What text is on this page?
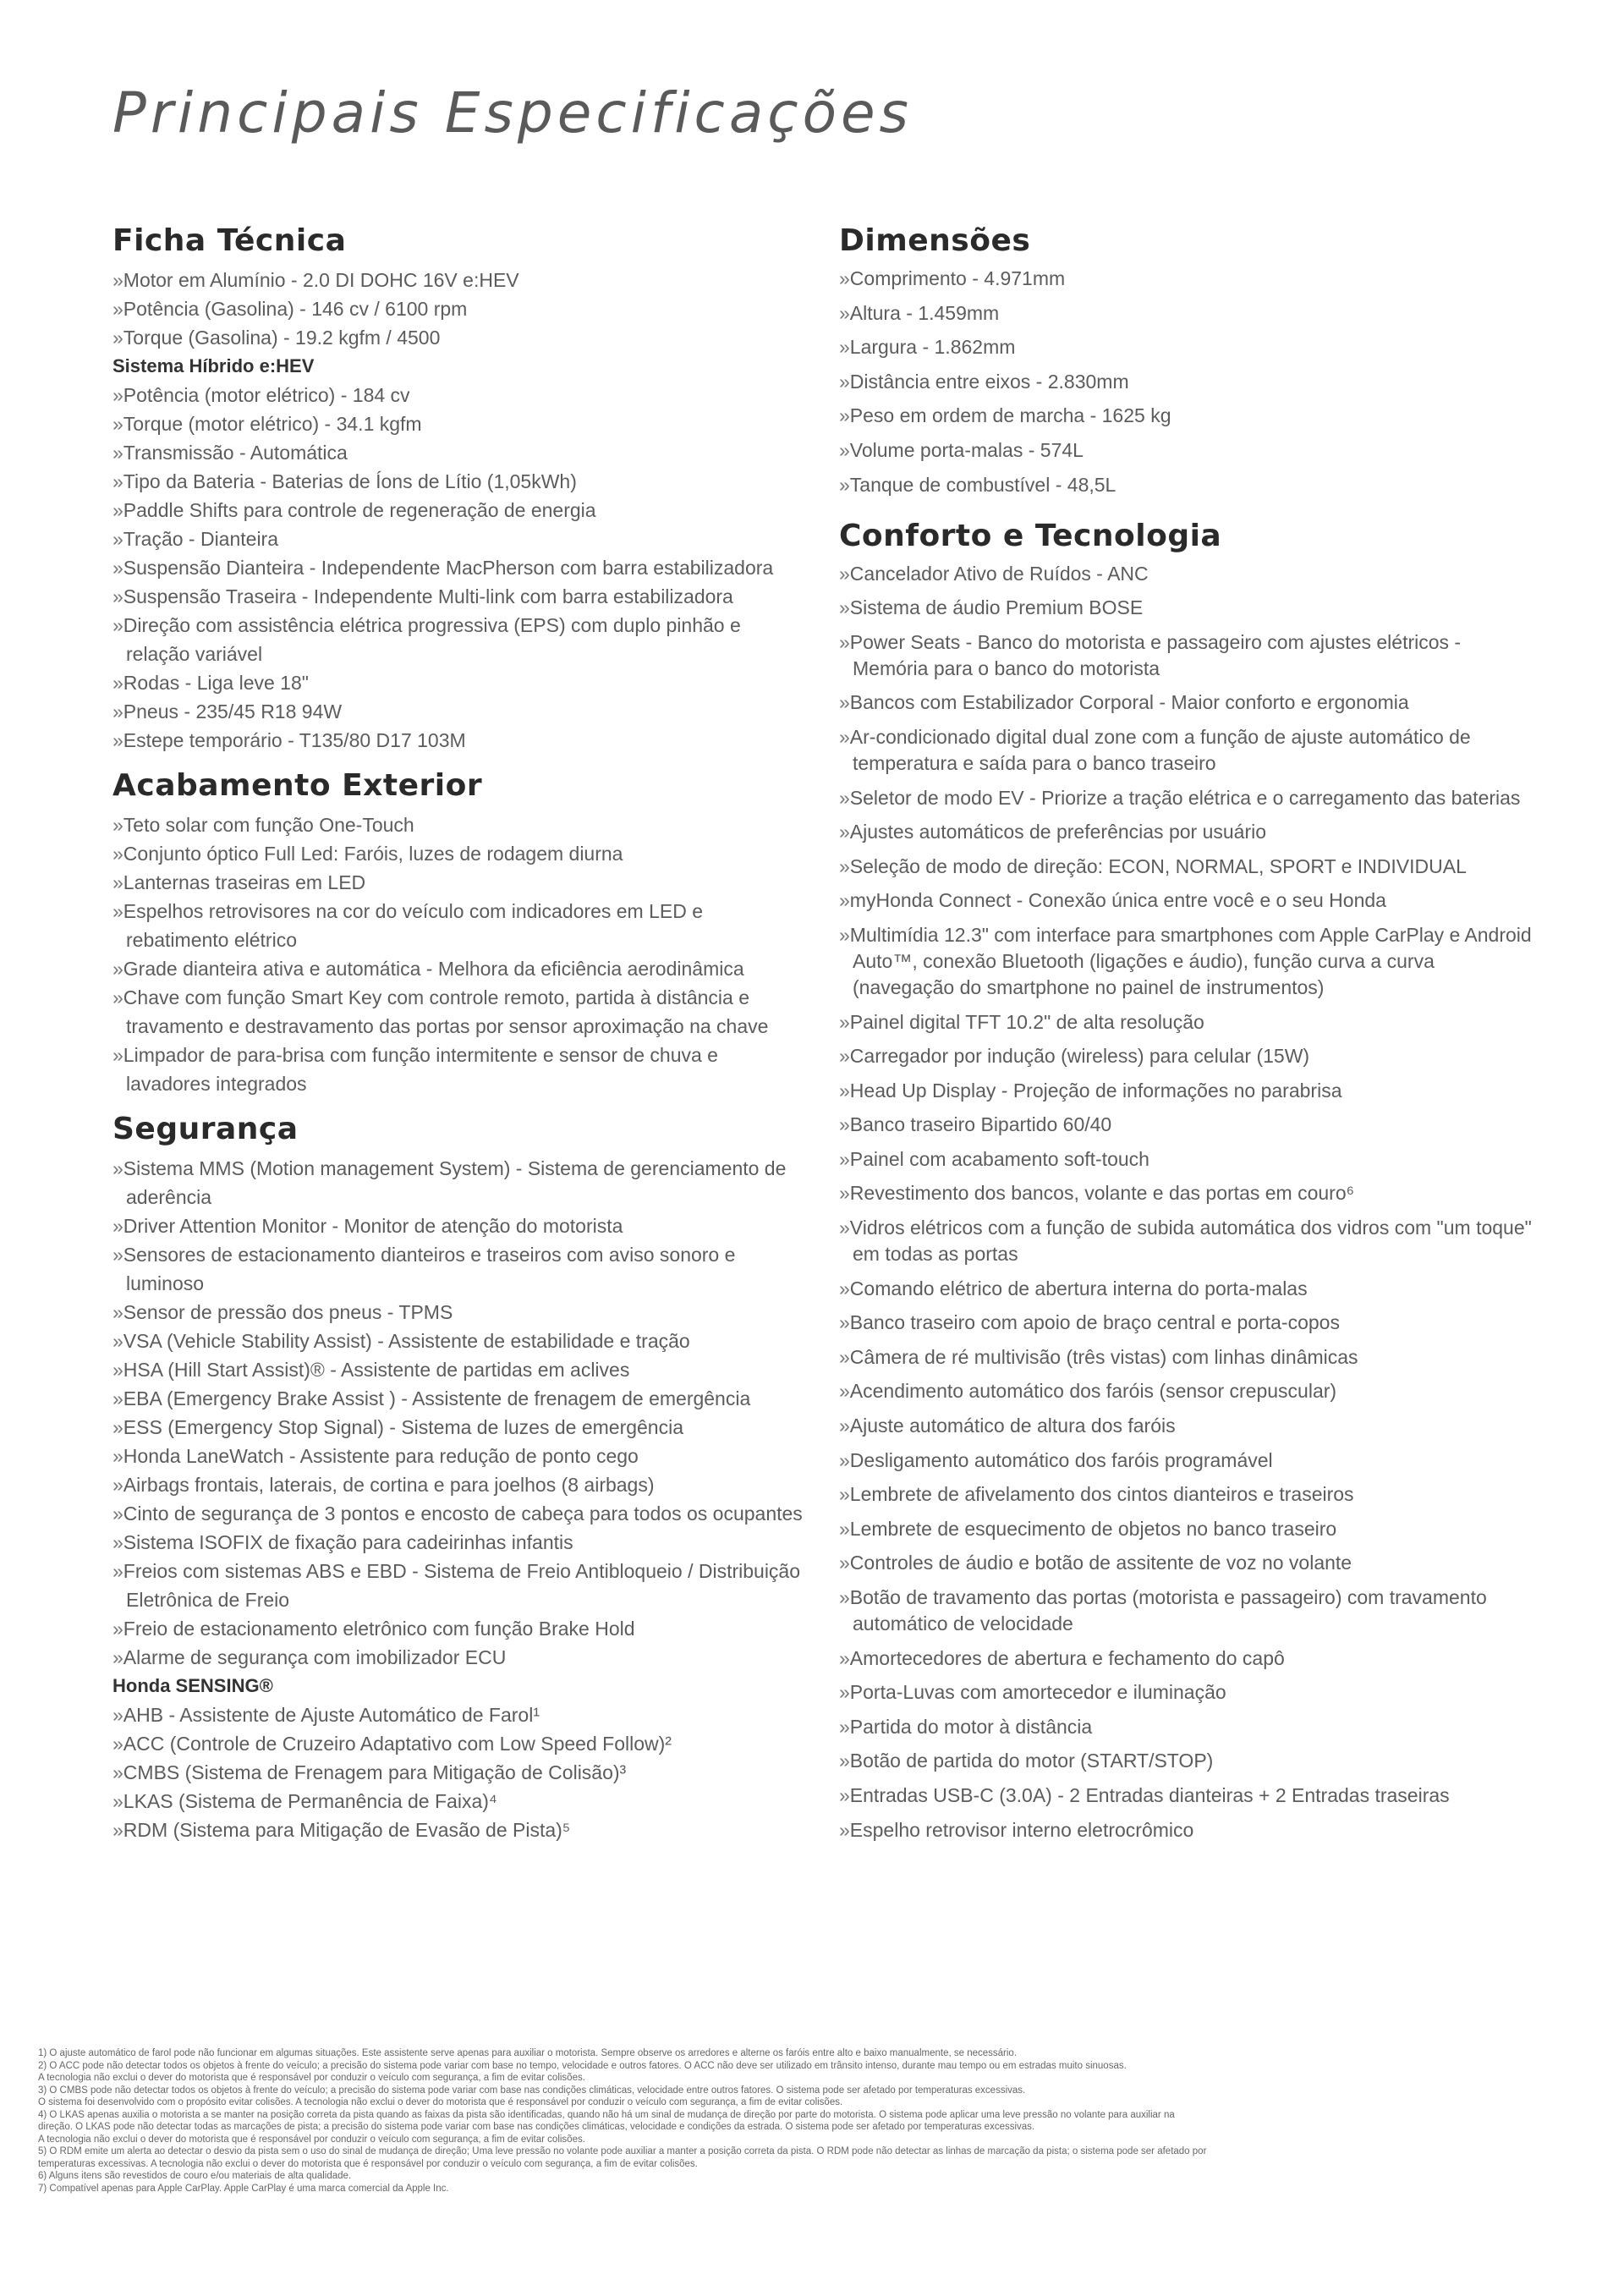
Principais Especificações
Ficha Técnica
»Motor em Alumínio - 2.0 DI DOHC 16V e:HEV
»Potência (Gasolina) - 146 cv / 6100 rpm
»Torque (Gasolina) - 19.2 kgfm / 4500

Sistema Híbrido e:HEV

»Potência (motor elétrico) - 184 cv
»Torque (motor elétrico) - 34.1 kgfm
»Transmissão - Automática
»Tipo da Bateria - Baterias de Íons de Lítio (1,05kWh)
»Paddle Shifts para controle de regeneração de energia
»Tração - Dianteira
»Suspensão Dianteira - Independente MacPherson com barra estabilizadora
»Suspensão Traseira - Independente Multi-link com barra estabilizadora
»Direção com assistência elétrica progressiva (EPS) com duplo pinhão e relação variável
»Rodas - Liga leve 18"
»Pneus - 235/45 R18 94W
»Estepe temporário - T135/80 D17 103M
Acabamento Exterior
»Teto solar com função One-Touch
»Conjunto óptico Full Led: Faróis, luzes de rodagem diurna
»Lanternas traseiras em LED
»Espelhos retrovisores na cor do veículo com indicadores em LED e rebatimento elétrico
»Grade dianteira ativa e automática - Melhora da eficiência aerodinâmica
»Chave com função Smart Key com controle remoto, partida à distância e travamento e destravamento das portas por sensor aproximação na chave
»Limpador de para-brisa com função intermitente e sensor de chuva e lavadores integrados
Segurança
»Sistema MMS (Motion management System) - Sistema de gerenciamento de aderência
»Driver Attention Monitor - Monitor de atenção do motorista
»Sensores de estacionamento dianteiros e traseiros com aviso sonoro e luminoso
»Sensor de pressão dos pneus - TPMS
»VSA (Vehicle Stability Assist) - Assistente de estabilidade e tração
»HSA (Hill Start Assist)® - Assistente de partidas em aclives
»EBA (Emergency Brake Assist ) - Assistente de frenagem de emergência
»ESS (Emergency Stop Signal) - Sistema de luzes de emergência
»Honda LaneWatch - Assistente para redução de ponto cego
»Airbags frontais, laterais, de cortina e para joelhos (8 airbags)
»Cinto de segurança de 3 pontos e encosto de cabeça para todos os ocupantes
»Sistema ISOFIX de fixação para cadeirinhas infantis
»Freios com sistemas ABS e EBD - Sistema de Freio Antibloqueio / Distribuição Eletrônica de Freio
»Freio de estacionamento eletrônico com função Brake Hold
»Alarme de segurança com imobilizador ECU

Honda SENSING®

»AHB - Assistente de Ajuste Automático de Farol¹
»ACC (Controle de Cruzeiro Adaptativo com Low Speed Follow)²
»CMBS (Sistema de Frenagem para Mitigação de Colisão)³
»LKAS (Sistema de Permanência de Faixa)⁴
»RDM (Sistema para Mitigação de Evasão de Pista)⁵
Dimensões
»Comprimento - 4.971mm
»Altura - 1.459mm
»Largura - 1.862mm
»Distância entre eixos - 2.830mm
»Peso em ordem de marcha - 1625 kg
»Volume porta-malas - 574L
»Tanque de combustível - 48,5L
Conforto e Tecnologia
»Cancelador Ativo de Ruídos - ANC
»Sistema de áudio Premium BOSE
»Power Seats - Banco do motorista e passageiro com ajustes elétricos - Memória para o banco do motorista
»Bancos com Estabilizador Corporal - Maior conforto e ergonomia
»Ar-condicionado digital dual zone com a função de ajuste automático de temperatura e saída para o banco traseiro
»Seletor de modo EV - Priorize a tração elétrica e o carregamento das baterias
»Ajustes automáticos de preferências por usuário
»Seleção de modo de direção: ECON, NORMAL, SPORT e INDIVIDUAL
»myHonda Connect - Conexão única entre você e o seu Honda
»Multimídia 12.3" com interface para smartphones com Apple CarPlay e Android Auto™, conexão Bluetooth (ligações e áudio), função curva a curva (navegação do smartphone no painel de instrumentos)
»Painel digital TFT 10.2" de alta resolução
»Carregador por indução (wireless) para celular (15W)
»Head Up Display - Projeção de informações no parabrisa
»Banco traseiro Bipartido 60/40
»Painel com acabamento soft-touch
»Revestimento dos bancos, volante e das portas em couro⁶
»Vidros elétricos com a função de subida automática dos vidros com "um toque" em todas as portas
»Comando elétrico de abertura interna do porta-malas
»Banco traseiro com apoio de braço central e porta-copos
»Câmera de ré multivisão (três vistas) com linhas dinâmicas
»Acendimento automático dos faróis (sensor crepuscular)
»Ajuste automático de altura dos faróis
»Desligamento automático dos faróis programável
»Lembrete de afivelamento dos cintos dianteiros e traseiros
»Lembrete de esquecimento de objetos no banco traseiro
»Controles de áudio e botão de assitente de voz no volante
»Botão de travamento das portas (motorista e passageiro) com travamento automático de velocidade
»Amortecedores de abertura e fechamento do capô
»Porta-Luvas com amortecedor e iluminação
»Partida do motor à distância
»Botão de partida do motor (START/STOP)
»Entradas USB-C (3.0A) - 2 Entradas dianteiras + 2 Entradas traseiras
»Espelho retrovisor interno eletrocrômico

1) O ajuste automático de farol pode não funcionar em algumas situações. Este assistente serve apenas para auxiliar o motorista. Sempre observe os arredores e alterne os faróis entre alto e baixo manualmente, se necessário.

2) O ACC pode não detectar todos os objetos à frente do veículo; a precisão do sistema pode variar com base no tempo, velocidade e outros fatores. O ACC não deve ser utilizado em trânsito intenso, durante mau tempo ou em estradas muito sinuosas.

A tecnologia não exclui o dever do motorista que é responsável por conduzir o veículo com segurança, a fim de evitar colisões.

3) O CMBS pode não detectar todos os objetos à frente do veículo; a precisão do sistema pode variar com base nas condições climáticas, velocidade entre outros fatores. O sistema pode ser afetado por temperaturas excessivas.

O sistema foi desenvolvido com o propósito evitar colisões. A tecnologia não exclui o dever do motorista que é responsável por conduzir o veículo com segurança, a fim de evitar colisões.

4) O LKAS apenas auxilia o motorista a se manter na posição correta da pista quando as faixas da pista são identificadas, quando não há um sinal de mudança de direção por parte do motorista. O sistema pode aplicar uma leve pressão no volante para auxiliar na

direção. O LKAS pode não detectar todas as marcações de pista; a precisão do sistema pode variar com base nas condições climáticas, velocidade e condições da estrada. O sistema pode ser afetado por temperaturas excessivas.

A tecnologia não exclui o dever do motorista que é responsável por conduzir o veículo com segurança, a fim de evitar colisões.

5) O RDM emite um alerta ao detectar o desvio da pista sem o uso do sinal de mudança de direção; Uma leve pressão no volante pode auxiliar a manter a posição correta da pista. O RDM pode não detectar as linhas de marcação da pista; o sistema pode ser afetado por

temperaturas excessivas. A tecnologia não exclui o dever do motorista que é responsável por conduzir o veículo com segurança, a fim de evitar colisões.

6) Alguns itens são revestidos de couro e/ou materiais de alta qualidade.

7) Compatível apenas para Apple CarPlay. Apple CarPlay é uma marca comercial da Apple Inc.
